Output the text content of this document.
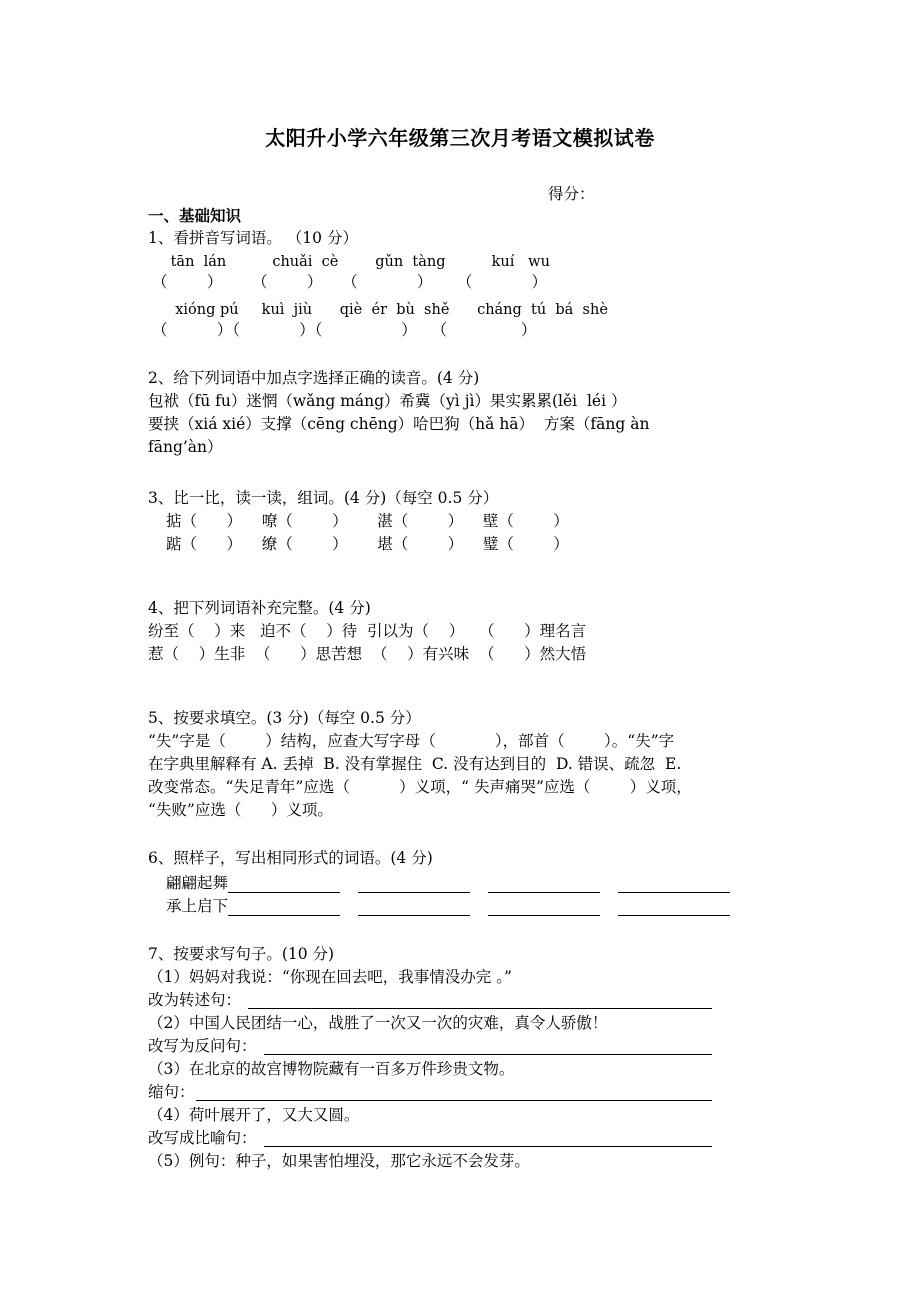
太阳升小学六年级第三次月考语文模拟试卷
得分：
一、基础知识
1、看拼音写词语。 （10 分）
tān  lán          chuǎi  cè        gǔn  tàng          kuí   wu
（        ）      （        ）    （            ）     （            ）
xióng pú     kuì  jiù      qiè  ér  bù  shě      cháng  tú  bá  shè
（          ）（            ）（                ）   （               ）
2、给下列词语中加点字选择正确的读音。(4 分)
包袱（fū fu）迷惘（wǎng máng）希冀（yì jì）果实累累(lěi  léi ）
要挟（xiá xié）支撑（cēng chēng）哈巴狗（hǎ hā）  方案（fāng àn
fāng’àn）
3、比一比，读一读，组词。(4 分)（每空 0.5 分）
掂（      ）    嘹（        ）      湛（        ）    壁（        ）
踮（      ）    缭（        ）      堪（        ）    璧（        ）
4、把下列词语补充完整。(4 分)
纷至（    ）来   迫不（    ）待  引以为（    ）   （      ）理名言
惹（    ）生非  （      ）思苦想  （    ）有兴味  （      ）然大悟
5、按要求填空。(3 分)（每空 0.5 分）
“失”字是（        ）结构，应查大写字母（            ），部首（        ）。“失”字
在字典里解释有 A. 丢掉  B. 没有掌握住  C. 没有达到目的  D. 错误、疏忽  E.
改变常态。“失足青年”应选（          ）义项，“ 失声痛哭”应选（        ）义项，
“失败”应选（      ）义项。
6、照样子，写出相同形式的词语。(4 分)
翩翩起舞
承上启下
7、按要求写句子。(10 分)
（1）妈妈对我说：“你现在回去吧，我事情没办完 。”
改为转述句：
（2）中国人民团结一心，战胜了一次又一次的灾难，真令人骄傲！
改写为反问句：
（3）在北京的故宫博物院藏有一百多万件珍贵文物。
缩句：
（4）荷叶展开了，又大又圆。
改写成比喻句：
（5）例句：种子，如果害怕埋没，那它永远不会发芽。
